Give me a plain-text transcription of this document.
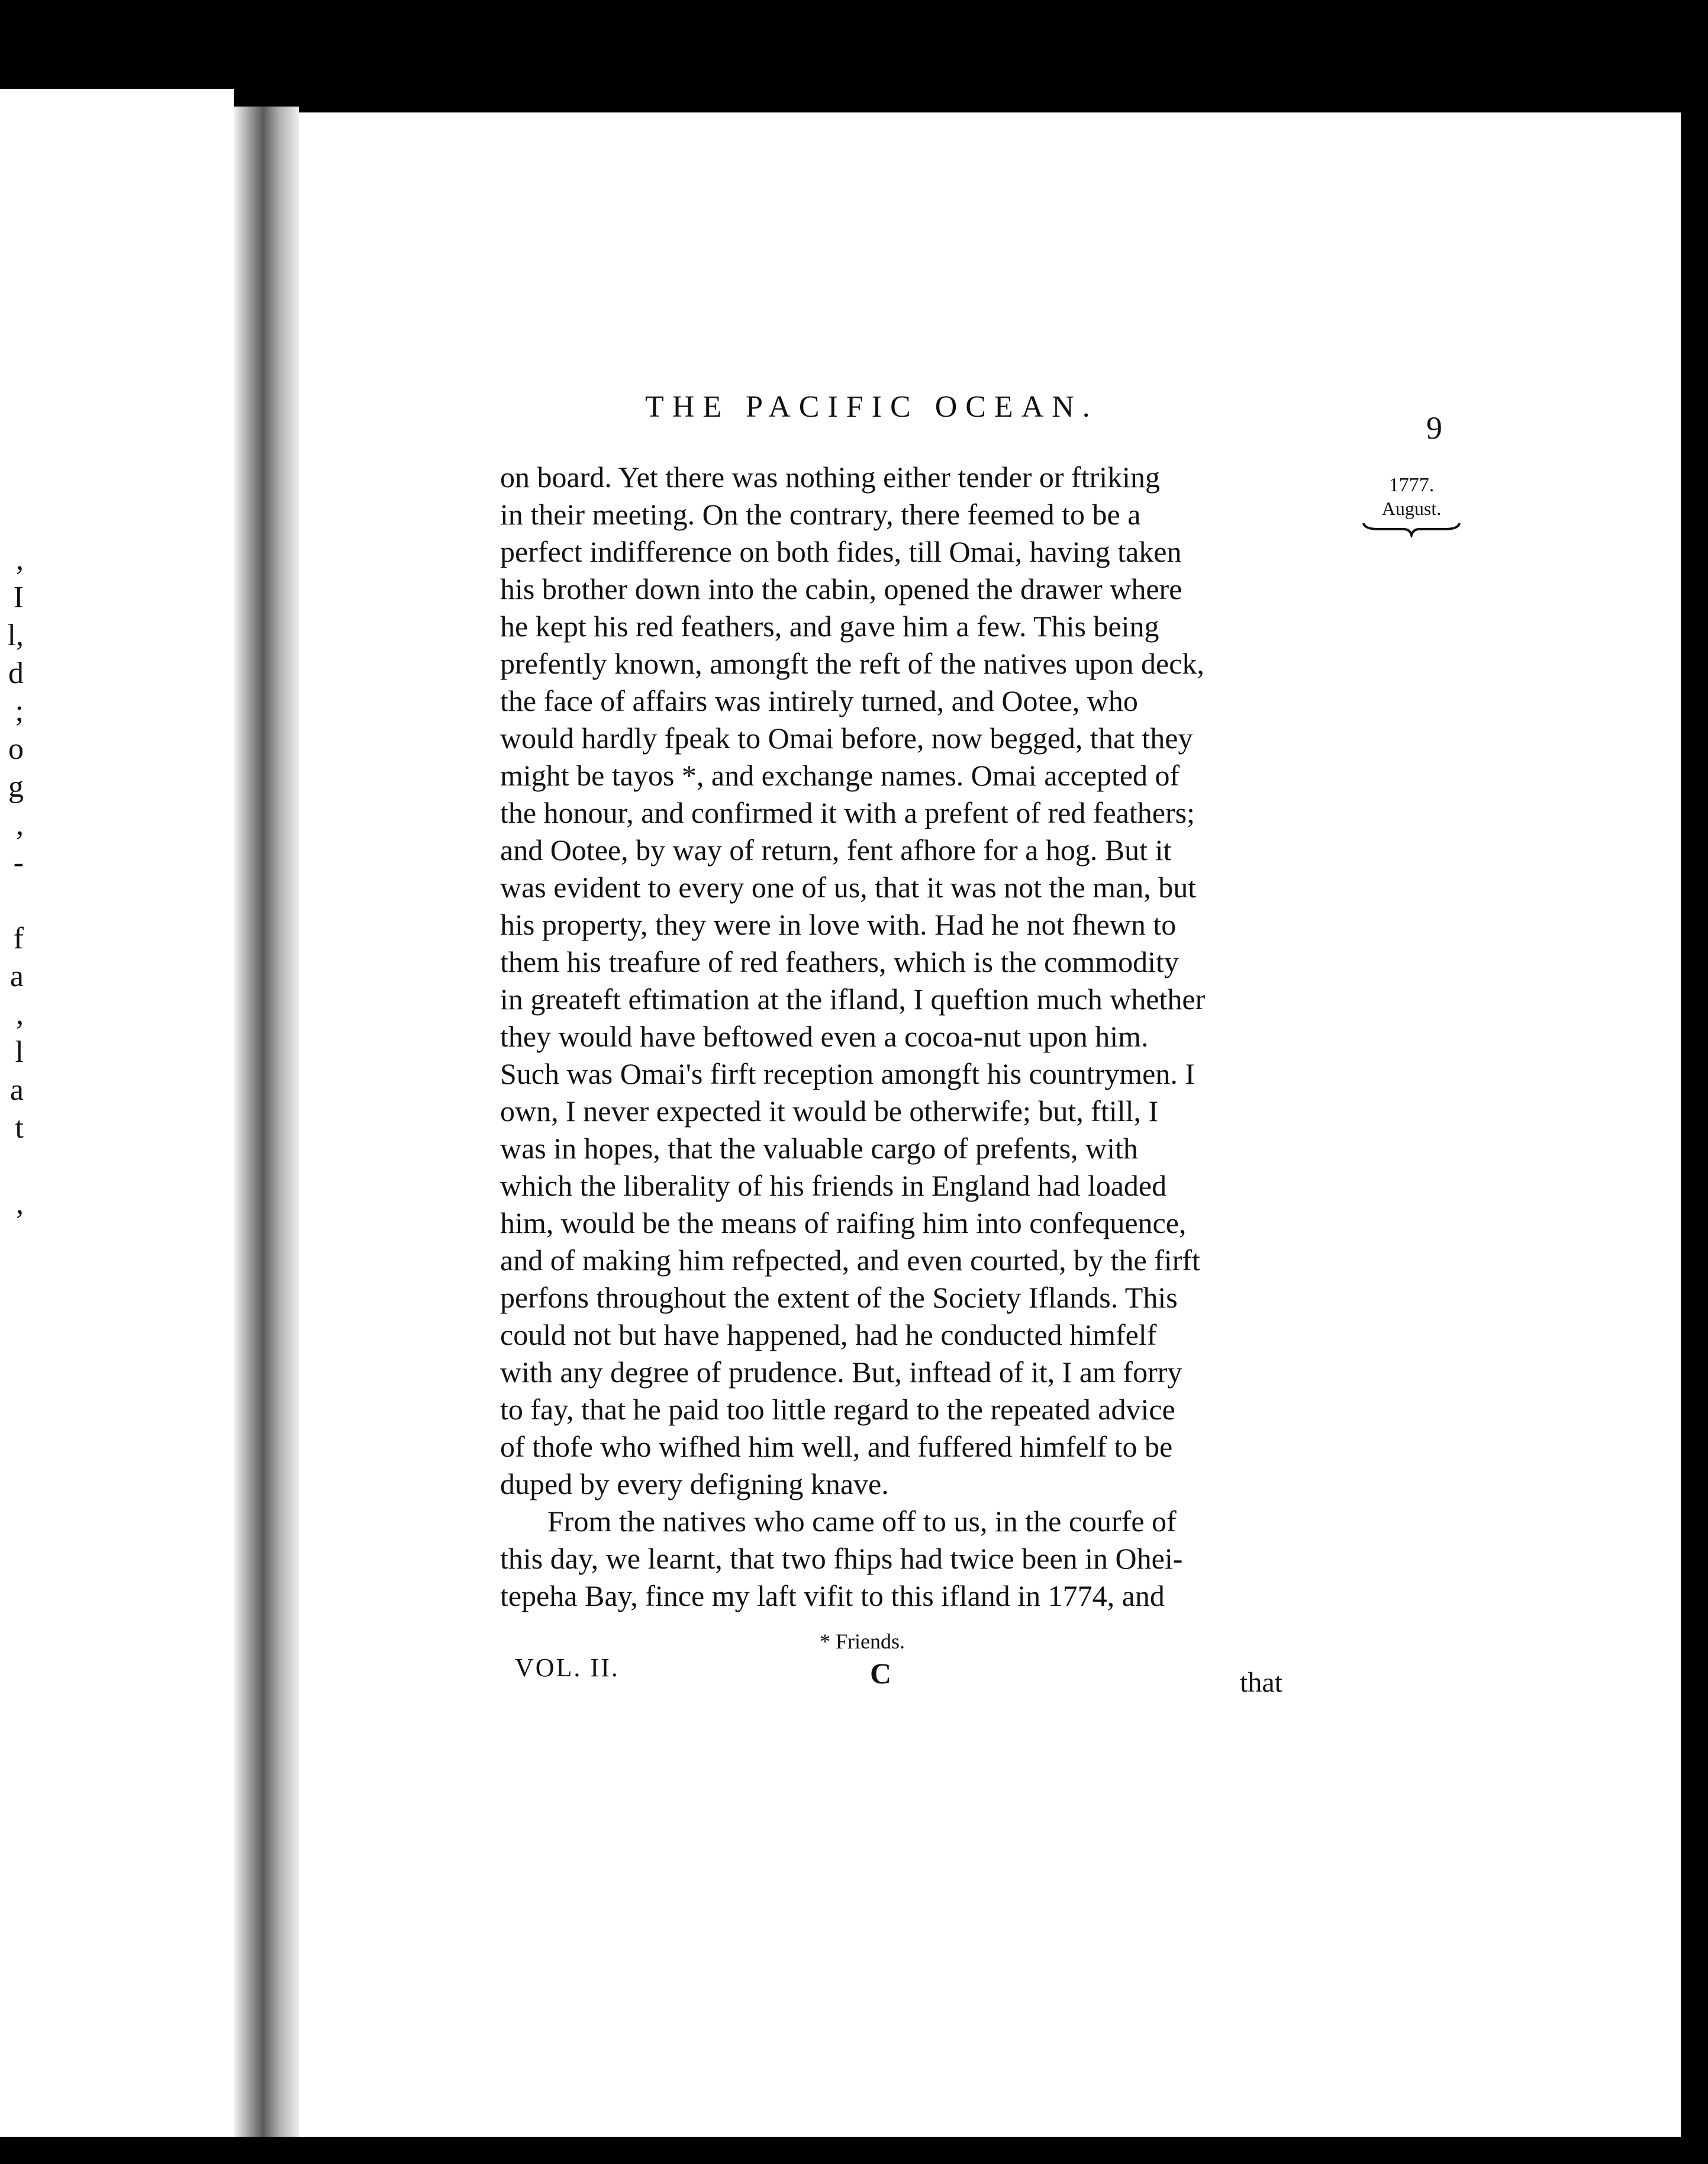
,
I
l,
d
;
o
g
,
-
f
a
,
l
a
t
,
THE PACIFIC OCEAN.
9
1777.
August.
on board. Yet there was nothing either tender or ftriking
in their meeting. On the contrary, there feemed to be a
perfect indifference on both fides, till Omai, having taken
his brother down into the cabin, opened the drawer where
he kept his red feathers, and gave him a few. This being
prefently known, amongft the reft of the natives upon deck,
the face of affairs was intirely turned, and Ootee, who
would hardly fpeak to Omai before, now begged, that they
might be tayos *, and exchange names. Omai accepted of
the honour, and confirmed it with a prefent of red feathers;
and Ootee, by way of return, fent afhore for a hog. But it
was evident to every one of us, that it was not the man, but
his property, they were in love with. Had he not fhewn to
them his treafure of red feathers, which is the commodity
in greateft eftimation at the ifland, I queftion much whether
they would have beftowed even a cocoa-nut upon him.
Such was Omai's firft reception amongft his countrymen. I
own, I never expected it would be otherwife; but, ftill, I
was in hopes, that the valuable cargo of prefents, with
which the liberality of his friends in England had loaded
him, would be the means of raifing him into confequence,
and of making him refpected, and even courted, by the firft
perfons throughout the extent of the Society Iflands. This
could not but have happened, had he conducted himfelf
with any degree of prudence. But, inftead of it, I am forry
to fay, that he paid too little regard to the repeated advice
of thofe who wifhed him well, and fuffered himfelf to be
duped by every defigning knave.
From the natives who came off to us, in the courfe of
this day, we learnt, that two fhips had twice been in Ohei-
tepeha Bay, fince my laft vifit to this ifland in 1774, and
* Friends.
VOL. II.	C	that
